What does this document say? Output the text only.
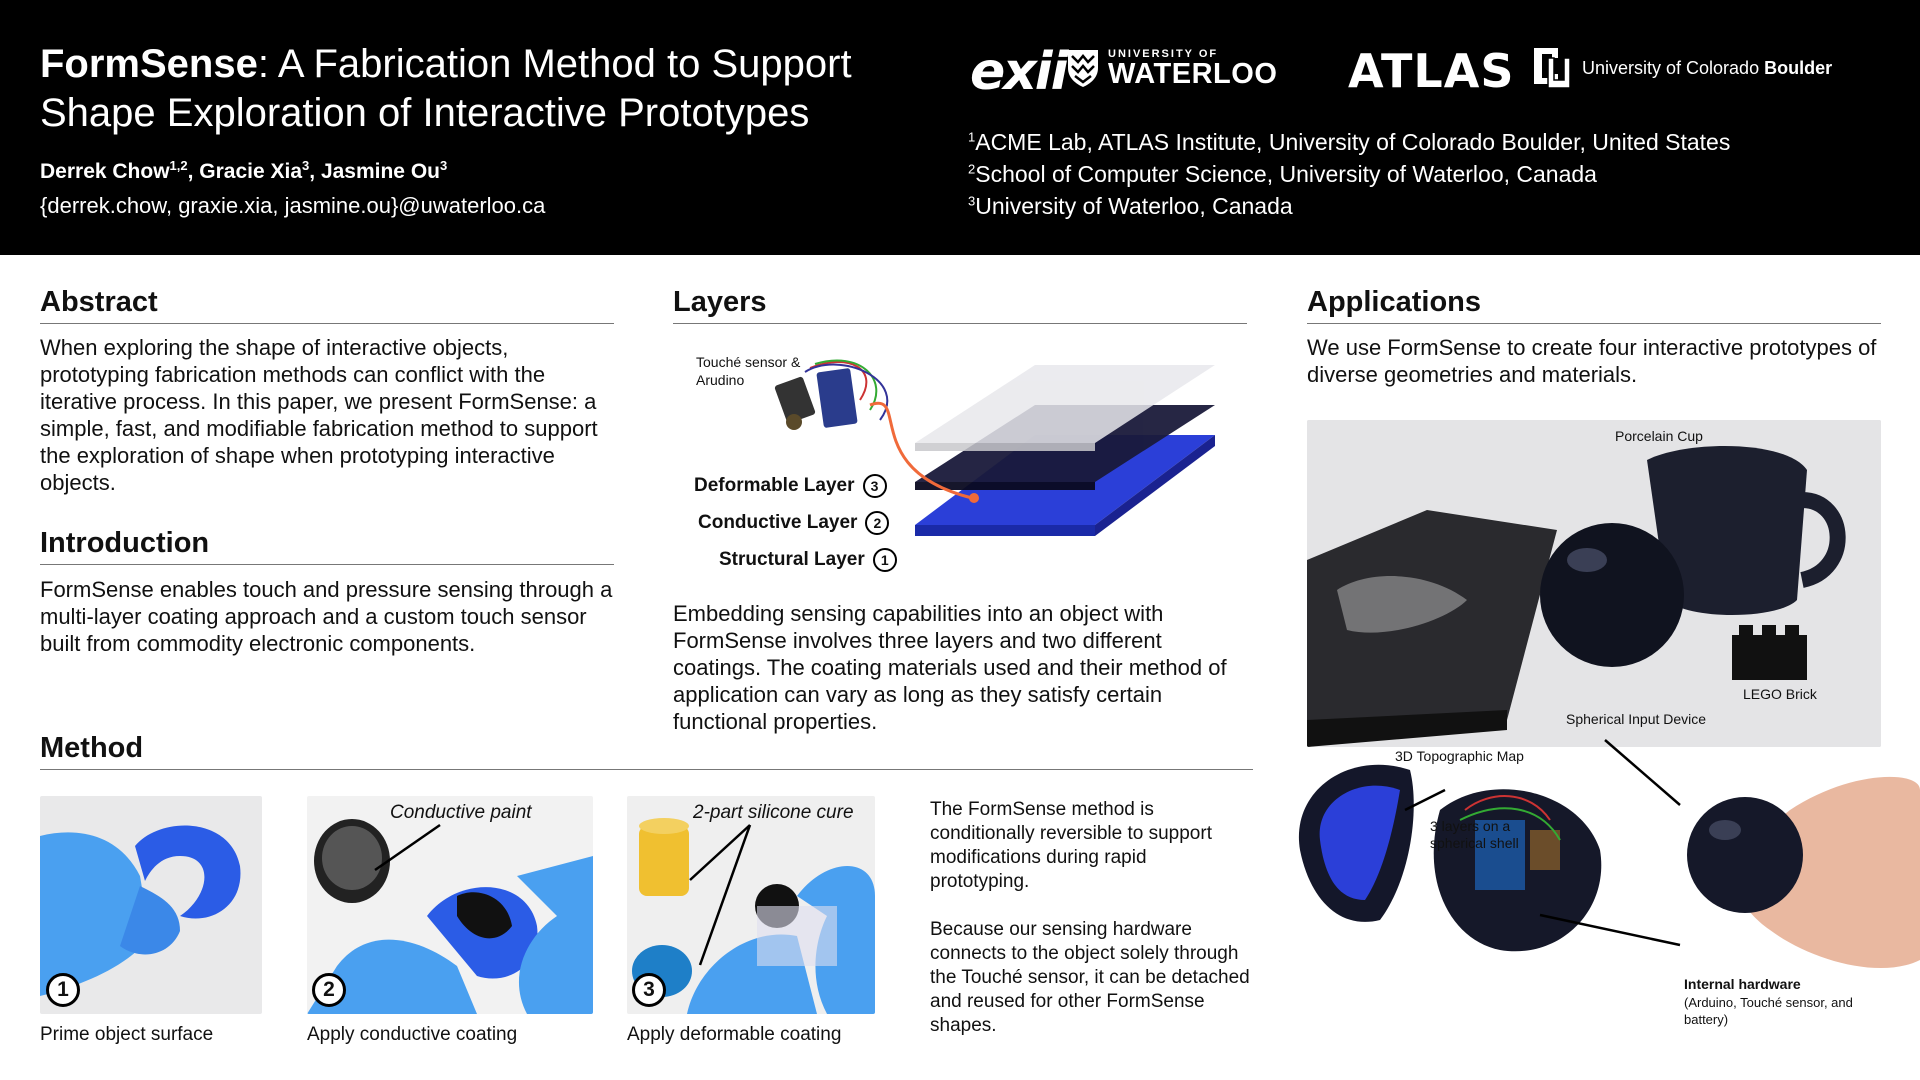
FormSense: A Fabrication Method to Support Shape Exploration of Interactive Prototypes
Derrek Chow$^{1,2}$, Gracie Xia$^3$, Jasmine Ou$^3$
{derrek.chow, graxie.xia, jasmine.ou}@uwaterloo.ca
exii	UNIVERSITY OF
WATERLOO ATLAS	University of Colorado Boulder
$^1$ACME Lab, ATLAS Institute, University of Colorado Boulder, United States
$^2$School of Computer Science, University of Waterloo, Canada
$^3$University of Waterloo, Canada
Abstract
When exploring the shape of interactive objects, prototyping fabrication methods can conflict with the iterative process. In this paper, we present FormSense: a simple, fast, and modifiable fabrication method to support the exploration of shape when prototyping interactive objects.
Introduction
FormSense enables touch and pressure sensing through a multi-layer coating approach and a custom touch sensor built from commodity electronic components.
Layers
Touché sensor & Arudino
Deformable Layer 3
Conductive Layer 2
Structural Layer 1
Embedding sensing capabilities into an object with FormSense involves three layers and two different coatings. The coating materials used and their method of application can vary as long as they satisfy certain functional properties.
Method
1
Prime object surface
Conductive paint
2
Apply conductive coating
2-part silicone cure
3
Apply deformable coating
The FormSense method is conditionally reversible to support modifications during rapid prototyping.
Because our sensing hardware connects to the object solely through the Touché sensor, it can be detached and reused for other FormSense shapes.
Applications
We use FormSense to create four interactive prototypes of diverse geometries and materials.
Porcelain Cup
LEGO Brick
Spherical Input Device
3D Topographic Map
3 layers on a spherical shell
Internal hardware
(Arduino, Touché sensor, and battery)
